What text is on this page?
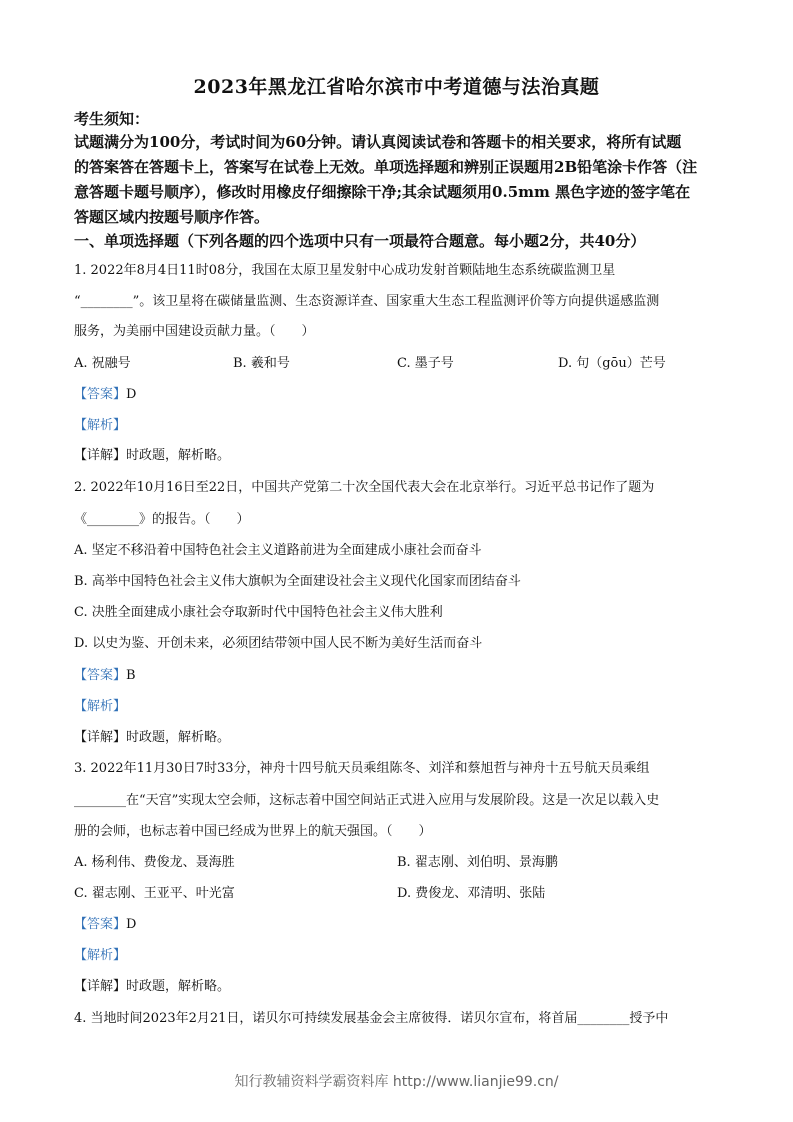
2023年黑龙江省哈尔滨市中考道德与法治真题
考生须知：
试题满分为100分，考试时间为60分钟。请认真阅读试卷和答题卡的相关要求，将所有试题
的答案答在答题卡上，答案写在试卷上无效。单项选择题和辨别正误题用2B铅笔涂卡作答（注
意答题卡题号顺序），修改时用橡皮仔细擦除干净;其余试题须用0.5mm 黑色字迹的签字笔在
答题区域内按题号顺序作答。
一、单项选择题（下列各题的四个选项中只有一项最符合题意。每小题2分，共40分）
1. 2022年8月4日11时08分，我国在太原卫星发射中心成功发射首颗陆地生态系统碳监测卫星
“________”。该卫星将在碳储量监测、生态资源详查、国家重大生态工程监测评价等方向提供遥感监测
服务，为美丽中国建设贡献力量。（　　）
A. 祝融号	B. 羲和号	C. 墨子号	D. 句（gōu）芒号
【答案】D
【解析】
【详解】时政题，解析略。
2. 2022年10月16日至22日，中国共产党第二十次全国代表大会在北京举行。习近平总书记作了题为
《________》的报告。（　　）
A. 坚定不移沿着中国特色社会主义道路前进为全面建成小康社会而奋斗
B. 高举中国特色社会主义伟大旗帜为全面建设社会主义现代化国家而团结奋斗
C. 决胜全面建成小康社会夺取新时代中国特色社会主义伟大胜利
D. 以史为鉴、开创未来，必须团结带领中国人民不断为美好生活而奋斗
【答案】B
【解析】
【详解】时政题，解析略。
3. 2022年11月30日7时33分，神舟十四号航天员乘组陈冬、刘洋和蔡旭哲与神舟十五号航天员乘组
________在“天宫”实现太空会师，这标志着中国空间站正式进入应用与发展阶段。这是一次足以载入史
册的会师，也标志着中国已经成为世界上的航天强国。（　　）
A. 杨利伟、费俊龙、聂海胜	B. 翟志刚、刘伯明、景海鹏
C. 翟志刚、王亚平、叶光富	D. 费俊龙、邓清明、张陆
【答案】D
【解析】
【详解】时政题，解析略。
4. 当地时间2023年2月21日，诺贝尔可持续发展基金会主席彼得．诺贝尔宣布，将首届________授予中
知行教辅资料学霸资料库 http://www.lianjie99.cn/
